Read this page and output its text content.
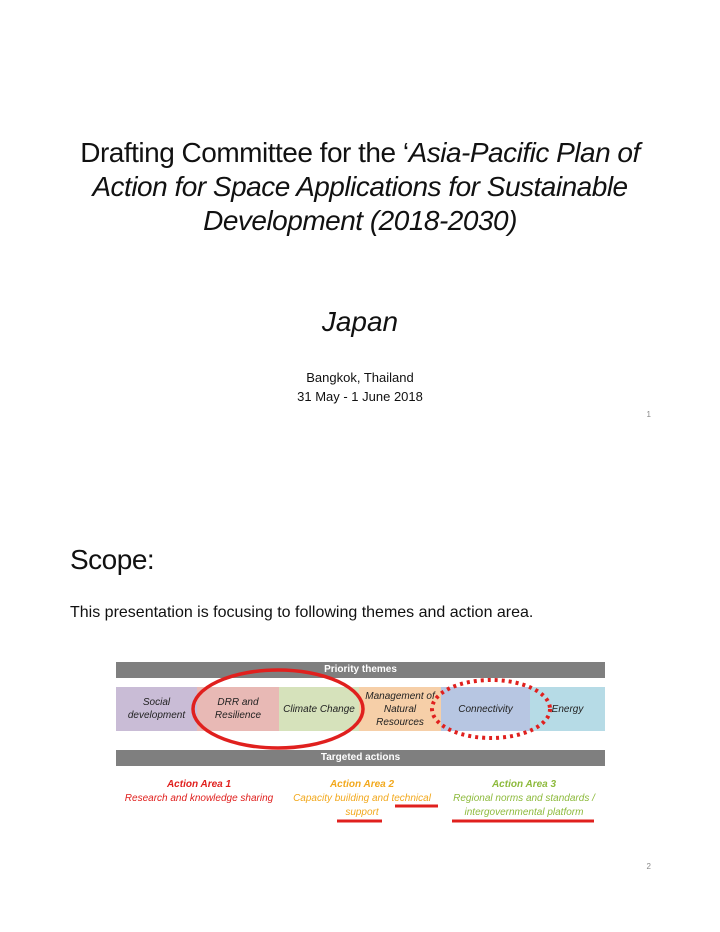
Drafting Committee for the ‘Asia-Pacific Plan of Action for Space Applications for Sustainable Development (2018-2030)
Japan
Bangkok, Thailand
31 May - 1 June 2018
1
Scope:
This presentation is focusing to following themes and action area.
Priority themes
Social development
DRR and Resilience
Climate Change
Management of Natural Resources
Connectivity	Energy
Targeted actions
Action Area 1
Research and knowledge sharing
Action Area 2
Capacity building and technical support
Action Area 3
Regional norms and standards / intergovernmental platform
2
